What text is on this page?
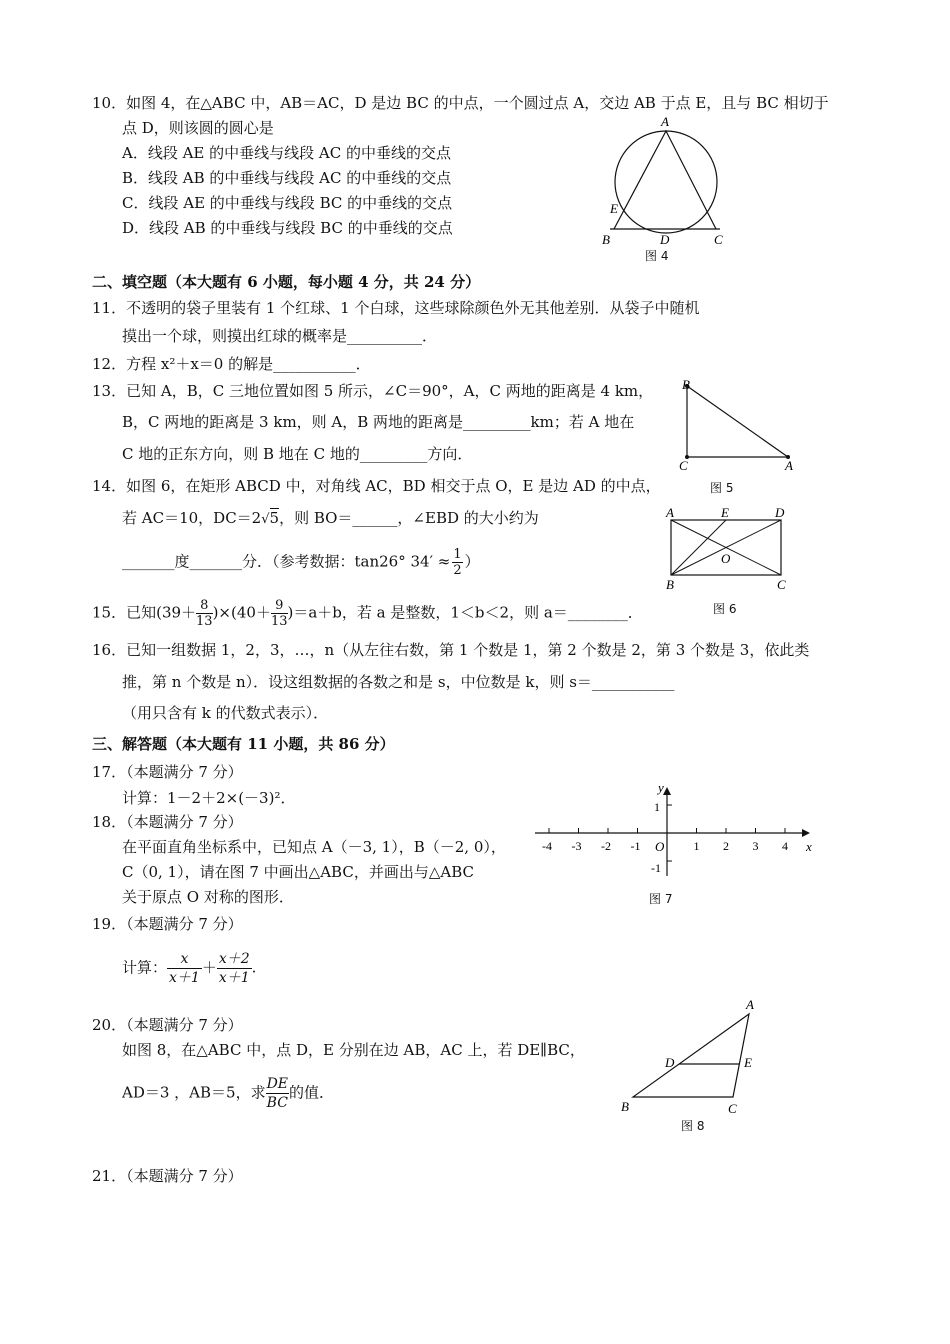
10．如图 4，在△ABC 中，AB＝AC，D 是边 BC 的中点，一个圆过点 A，交边 AB 于点 E，且与 BC 相切于
点 D，则该圆的圆心是
A．线段 AE 的中垂线与线段 AC 的中垂线的交点
B．线段 AB 的中垂线与线段 AC 的中垂线的交点
C．线段 AE 的中垂线与线段 BC 的中垂线的交点
D．线段 AB 的中垂线与线段 BC 的中垂线的交点
A
B	D	C
E
图 4
二、填空题（本大题有 6 小题，每小题 4 分，共 24 分）
11．不透明的袋子里装有 1 个红球、1 个白球，这些球除颜色外无其他差别．从袋子中随机
摸出一个球，则摸出红球的概率是__________．
12．方程 x²＋x＝0 的解是___________．
13．已知 A，B，C 三地位置如图 5 所示，∠C＝90°，A，C 两地的距离是 4 km，
B，C 两地的距离是 3 km，则 A，B 两地的距离是_________km；若 A 地在
C 地的正东方向，则 B 地在 C 地的_________方向．
B
C	A
14．如图 6，在矩形 ABCD 中，对角线 AC，BD 相交于点 O，E 是边 AD 的中点，	图 5
若 AC＝10，DC＝2√5，则 BO＝______，∠EBD 的大小约为
_______度_______分．（参考数据：tan26° $34' \approx \frac{1}{2}$ ）
A	E	D
B	C
O
15．已知$(39+ \frac{8}{13} )\times(40+ \frac{9}{13} )=a+b$，若 a 是整数，1＜b＜2，则 a＝________．	图 6
16．已知一组数据 1，2，3，…，n（从左往右数，第 1 个数是 1，第 2 个数是 2，第 3 个数是 3，依此类
推，第 n 个数是 n）．设这组数据的各数之和是 s，中位数是 k，则 s＝___________
（用只含有 k 的代数式表示）．
三、解答题（本大题有 11 小题，共 86 分）
17．（本题满分 7 分）
计算：1－2＋2×(－3)²．
18．（本题满分 7 分）
在平面直角坐标系中，已知点 A（－3, 1），B（－2, 0），
C（0, 1），请在图 7 中画出△ABC，并画出与△ABC
关于原点 O 对称的图形．
-4 -3 -2 -1	1 2 3 4 x
y
O
1
-1
图 7
19．（本题满分 7 分）
计算： $\frac{x}{x+1} + \frac{x+2}{x+1}$ .
20．（本题满分 7 分）
如图 8，在△ABC 中，点 D，E 分别在边 AB，AC 上，若 DE∥BC，
AD＝3 ，AB＝5，求 $\frac{DE}{BC}$ 的值．
A
B	C
D	E
图 8
21．（本题满分 7 分）
